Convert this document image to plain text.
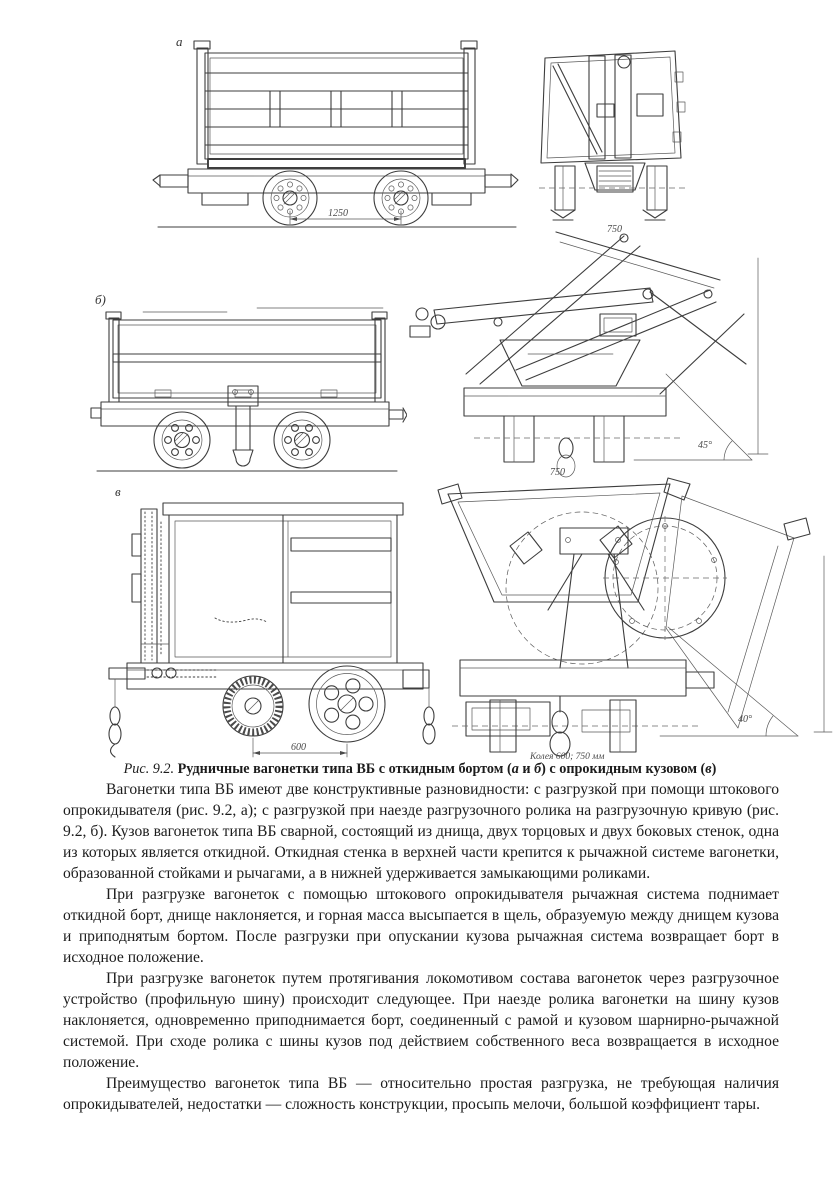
а
1250
750
б)
45°
750
в
600
40°
Колея 600; 750 мм
Рис. 9.2. Рудничные вагонетки типа ВБ с откидным бортом (а и б) с опрокидным кузовом (в)

Вагонетки типа ВБ имеют две конструктивные разновидности: с разгрузкой при помощи штокового опрокидывателя (рис. 9.2, а); с разгрузкой при наезде разгрузочного ролика на разгрузочную кривую (рис. 9.2, б). Кузов вагонеток типа ВБ сварной, состоящий из днища, двух торцовых и двух боковых стенок, одна из которых является откидной. Откидная стенка в верхней части крепится к рычажной системе вагонетки, образованной стойками и рычагами, а в нижней удерживается замыкающими роликами.

При разгрузке вагонеток с помощью штокового опрокидывателя рычажная система поднимает откидной борт, днище наклоняется, и горная масса высыпается в щель, образуемую между днищем кузова и приподнятым бортом. После разгрузки при опускании кузова рычажная система возвращает борт в исходное положение.

При разгрузке вагонеток путем протягивания локомотивом состава вагонеток через разгрузочное устройство (профильную шину) происходит следующее. При наезде ролика вагонетки на шину кузов наклоняется, одновременно приподнимается борт, соединенный с рамой и кузовом шарнирно-рычажной системой. При сходе ролика с шины кузов под действием собственного веса возвращается в исходное положение.

Преимущество вагонеток типа ВБ — относительно простая разгрузка, не требующая наличия опрокидывателей, недостатки — сложность конструкции, просыпь мелочи, большой коэффициент тары.
